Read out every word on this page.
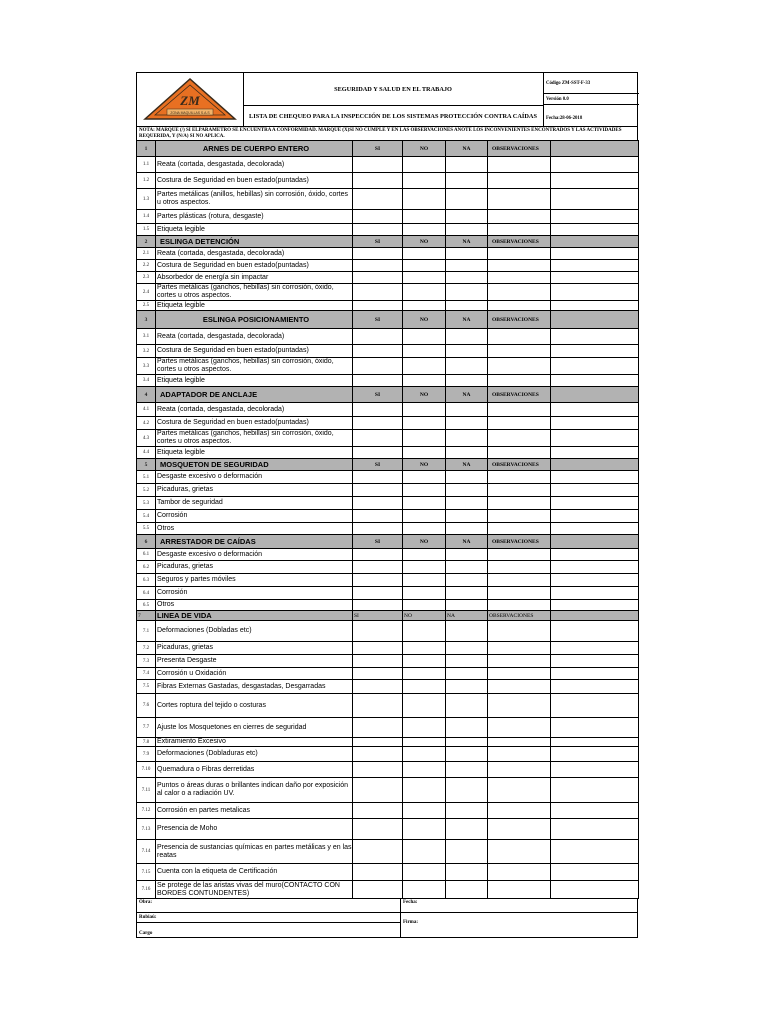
ZM
ZONA MAQUILLAS S.A.S
SEGURIDAD Y SALUD EN EL TRABAJO
LISTA DE CHEQUEO PARA LA INSPECCIÓN DE LOS SISTEMAS PROTECCIÓN CONTRA CAÍDAS
Código ZM-SST-F-33
Versión 0.0
Fecha:28-06-2018
NOTA: MARQUE (/) SI ELPARAMETRO SE ENCUENTRA A CONFORMIDAD. MARQUE (X)SI NO CUMPLE Y EN LAS OBSERVACIONES ANOTE LOS INCONVENIENTES ENCONTRADOS Y LAS ACTIVIDADES REQUERIDA, Y (N/A) SI NO APLICA.
1	ARNES DE CUERPO ENTERO	SI	NO	NA	OBSERVACIONES	
1.1	Reata (cortada, desgastada, decolorada)					
1.2	Costura de Seguridad en buen estado(puntadas)					
1.3	Partes metálicas (anillos, hebillas) sin corrosión, óxido, cortes u otros aspectos.					
1.4	Partes plásticas (rotura, desgaste)					
1.5	Etiqueta legible					
2	ESLINGA DETENCIÓN	SI	NO	NA	OBSERVACIONES	
2.1	Reata (cortada, desgastada, decolorada)					
2.2	Costura de Seguridad en buen estado(puntadas)					
2.3	Absorbedor de energía sin impactar					
2.4	Partes metálicas (ganchos, hebillas) sin corrosión, óxido, cortes u otros aspectos.					
2.5	Etiqueta legible					
3	ESLINGA POSICIONAMIENTO	SI	NO	NA	OBSERVACIONES	
3.1	Reata (cortada, desgastada, decolorada)					
3.2	Costura de Seguridad en buen estado(puntadas)					
3.3	Partes metálicas (ganchos, hebillas) sin corrosión, óxido, cortes u otros aspectos.					
3.4	Etiqueta legible					
4	ADAPTADOR DE ANCLAJE	SI	NO	NA	OBSERVACIONES	
4.1	Reata (cortada, desgastada, decolorada)					
4.2	Costura de Seguridad en buen estado(puntadas)					
4.3	Partes metálicas (ganchos, hebillas) sin corrosión, óxido, cortes u otros aspectos.					
4.4	Etiqueta legible					
5	MOSQUETON DE SEGURIDAD	SI	NO	NA	OBSERVACIONES	
5.1	Desgaste excesivo o deformación					
5.2	Picaduras, grietas					
5.3	Tambor de seguridad					
5.4	Corrosión					
5.5	Otros					
6	ARRESTADOR DE CAÍDAS	SI	NO	NA	OBSERVACIONES	
6.1	Desgaste excesivo o deformación					
6.2	Picaduras, grietas					
6.3	Seguros y partes móviles					
6.4	Corrosión					
6.5	Otros					
7	LINEA DE VIDA	SI	NO	NA	OBSERVACIONES	
7.1	Deformaciones (Dobladas etc)					
7.2	Picaduras, grietas					
7.3	Presenta Desgaste					
7.4	Corrosión u Oxidación					
7.5	Fibras Externas Gastadas, desgastadas, Desgarradas					
7.6	Cortes roptura del tejido o costuras					
7.7	Ajuste los Mosquetones en cierres de seguridad					
7.8	Extiramiento Excesivo					
7.9	Deformaciones (Dobladuras etc)					
7.10	Quemadura o Fibras derretidas					
7.11	Puntos o áreas duras o brillantes indican daño por exposición al calor o a radiación UV.					
7.12	Corrosión en partes metalicas					
7.13	Presencia de Moho					
7.14	Presencia de sustancias químicas en partes metálicas y en las reatas					
7.15	Cuenta con la etiqueta de Certificación					
7.16	Se protege de las aristas vivas del muro(CONTACTO CON BORDES CONTUNDENTES)					
Obra:	Fecha:
Rubiaú:
Cargo
Firma:
